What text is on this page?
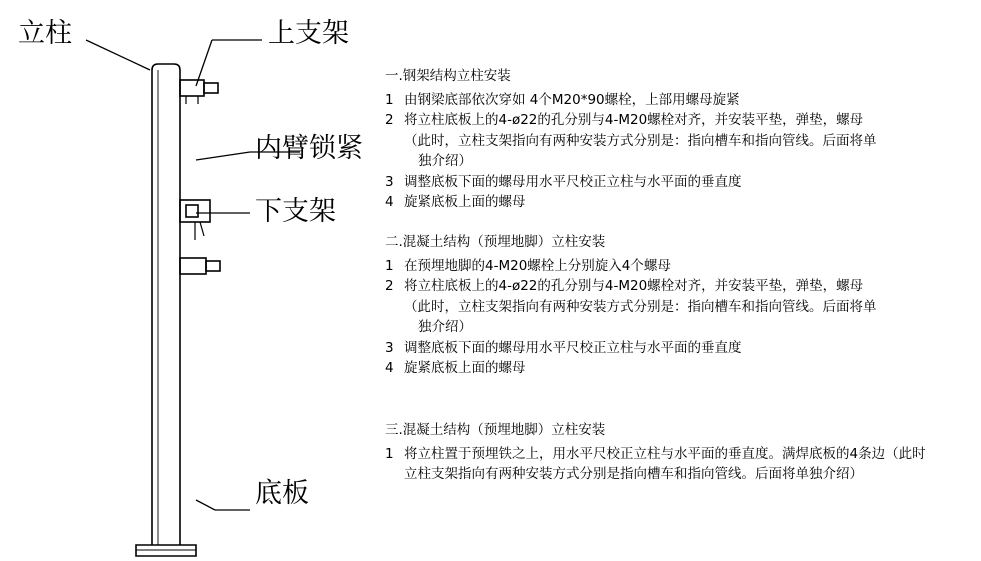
立柱	上支架
内臂锁紧
下支架
底板

一.钢架结构立柱安装

1 由钢梁底部依次穿如 4个M20*90螺栓，上部用螺母旋紧
2 将立柱底板上的4-ø22的孔分别与4-M20螺栓对齐，并安装平垫，弹垫，螺母
（此时，立柱支架指向有两种安装方式分别是：指向槽车和指向管线。后面将单
独介绍）
3 调整底板下面的螺母用水平尺校正立柱与水平面的垂直度
4 旋紧底板上面的螺母

二.混凝土结构（预埋地脚）立柱安装

1 在预埋地脚的4-M20螺栓上分别旋入4个螺母
2 将立柱底板上的4-ø22的孔分别与4-M20螺栓对齐，并安装平垫，弹垫，螺母
（此时，立柱支架指向有两种安装方式分别是：指向槽车和指向管线。后面将单
独介绍）
3 调整底板下面的螺母用水平尺校正立柱与水平面的垂直度
4 旋紧底板上面的螺母

三.混凝土结构（预埋地脚）立柱安装

1 将立柱置于预埋铁之上，用水平尺校正立柱与水平面的垂直度。满焊底板的4条边（此时
立柱支架指向有两种安装方式分别是指向槽车和指向管线。后面将单独介绍）
